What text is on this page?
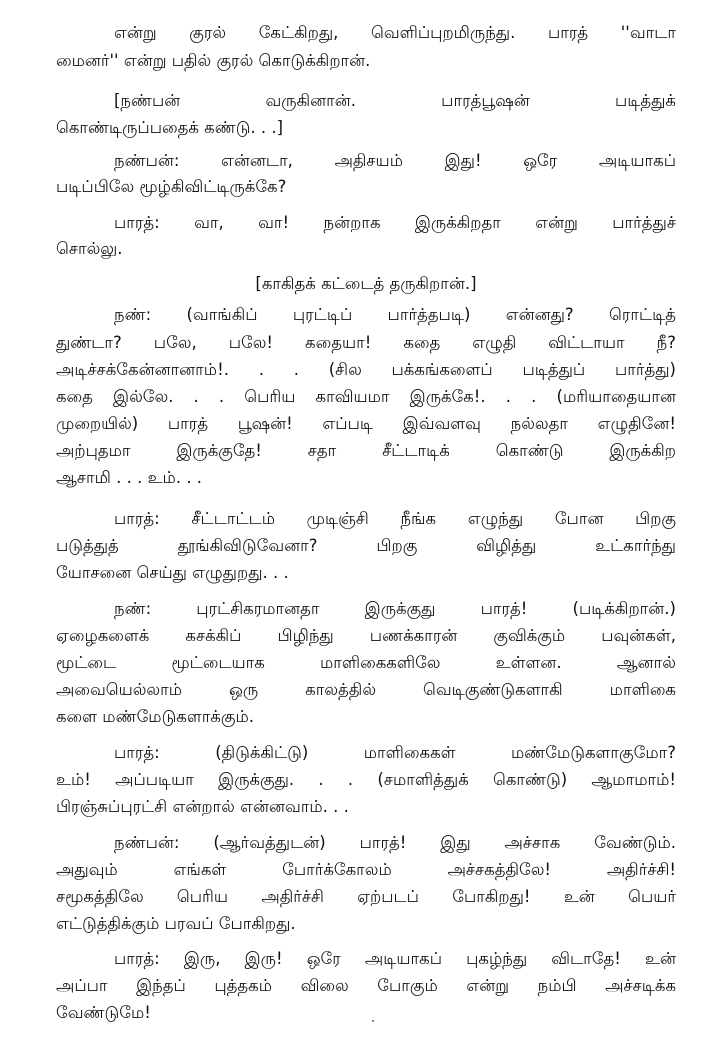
என்று குரல் கேட்கிறது, வெளிப்புறமிருந்து. பாரத் ''வாடா
மைனர்'' என்று பதில் குரல் கொடுக்கிறான்.
[நண்பன் வருகினான். பாரத்பூஷன் படித்துக்
கொண்டிருப்பதைக் கண்டு. . .]
நண்பன்: என்னடா, அதிசயம் இது! ஒரே அடியாகப்
படிப்பிலே மூழ்கிவிட்டிருக்கே?
பாரத்: வா, வா! நன்றாக இருக்கிறதா என்று பார்த்துச்
சொல்லு.
[காகிதக் கட்டைத் தருகிறான்.]
நண்: (வாங்கிப் புரட்டிப் பார்த்தபடி) என்னது? ரொட்டித்
துண்டா? பலே, பலே! கதையா! கதை எழுதி விட்டாயா நீ?
அடிச்சக்கேன்னானாம்!. . . (சில பக்கங்களைப் படித்துப் பார்த்து)
கதை இல்லே. . . பெரிய காவியமா இருக்கே!. . . (மரியாதையான
முறையில்) பாரத் பூஷன்! எப்படி இவ்வளவு நல்லதா எழுதினே!
அற்புதமா இருக்குதே! சதா சீட்டாடிக் கொண்டு இருக்கிற
ஆசாமி . . . உம். . .
பாரத்: சீட்டாட்டம் முடிஞ்சி நீங்க எழுந்து போன பிறகு
படுத்துத் தூங்கிவிடுவேனா? பிறகு விழித்து உட்கார்ந்து
யோசனை செய்து எழுதுறது. . .
நண்: புரட்சிகரமானதா இருக்குது பாரத்! (படிக்கிறான்.)
ஏழைகளைக் கசக்கிப் பிழிந்து பணக்காரன் குவிக்கும் பவுன்கள்,
மூட்டை மூட்டையாக மாளிகைகளிலே உள்ளன. ஆனால்
அவையெல்லாம் ஒரு காலத்தில் வெடிகுண்டுகளாகி மாளிகை
களை மண்மேடுகளாக்கும்.
பாரத்: (திடுக்கிட்டு) மாளிகைகள் மண்மேடுகளாகுமோ?
உம்! அப்படியா இருக்குது. . . (சமாளித்துக் கொண்டு) ஆமாமாம்!
பிரஞ்சுப்புரட்சி என்றால் என்னவாம். . .
நண்பன்: (ஆர்வத்துடன்) பாரத்! இது அச்சாக வேண்டும்.
அதுவும் எங்கள் போர்க்கோலம் அச்சகத்திலே! அதிர்ச்சி!
சமூகத்திலே பெரிய அதிர்ச்சி ஏற்படப் போகிறது! உன் பெயர்
எட்டுத்திக்கும் பரவப் போகிறது.
பாரத்: இரு, இரு! ஒரே அடியாகப் புகழ்ந்து விடாதே! உன்
அப்பா இந்தப் புத்தகம் விலை போகும் என்று நம்பி அச்சடிக்க
வேண்டுமே!
